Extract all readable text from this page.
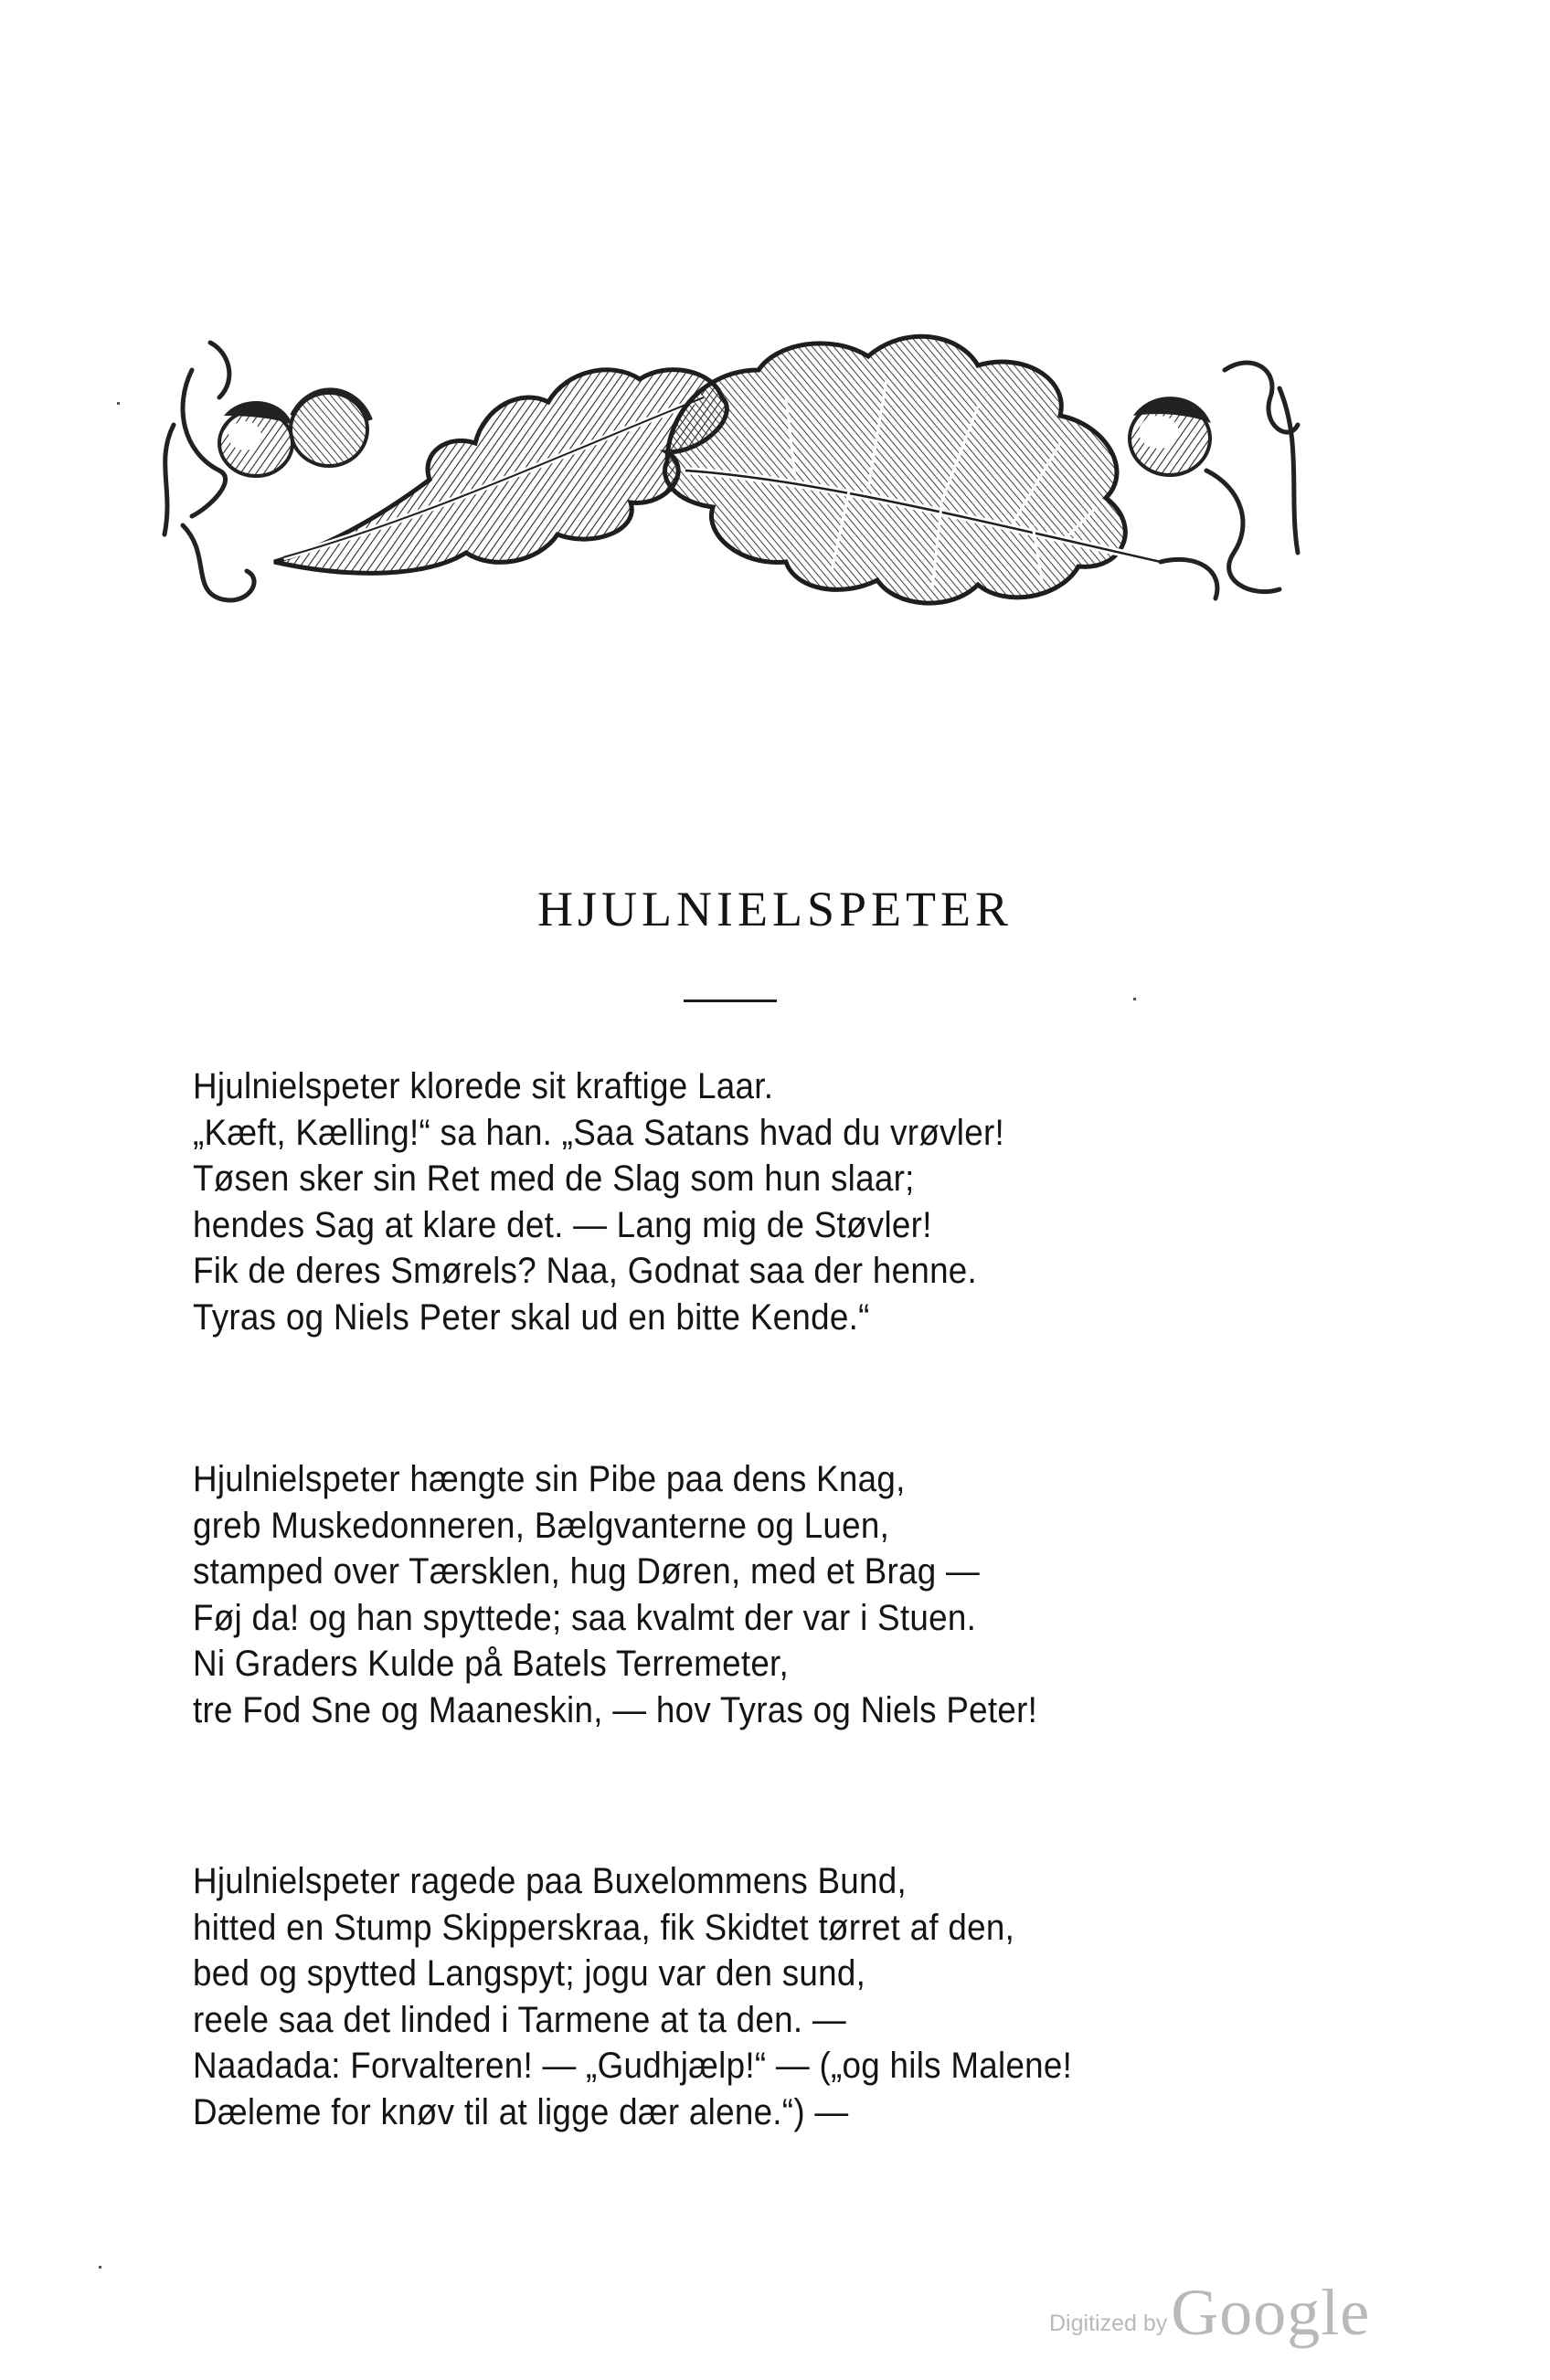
HJULNIELSPETER
Hjulnielspeter klorede sit kraftige Laar.
„Kæft, Kælling!“ sa han. „Saa Satans hvad du vrøvler!
Tøsen sker sin Ret med de Slag som hun slaar;
hendes Sag at klare det. — Lang mig de Støvler!
Fik de deres Smørels? Naa, Godnat saa der henne.
Tyras og Niels Peter skal ud en bitte Kende.“
Hjulnielspeter hængte sin Pibe paa dens Knag,
greb Muskedonneren, Bælgvanterne og Luen,
stamped over Tærsklen, hug Døren, med et Brag —
Føj da! og han spyttede; saa kvalmt der var i Stuen.
Ni Graders Kulde på Batels Terremeter,
tre Fod Sne og Maaneskin, — hov Tyras og Niels Peter!
Hjulnielspeter ragede paa Buxelommens Bund,
hitted en Stump Skipperskraa, fik Skidtet tørret af den,
bed og spytted Langspyt; jogu var den sund,
reele saa det linded i Tarmene at ta den. —
Naadada: Forvalteren! — „Gudhjælp!“ — („og hils Malene!
Dæleme for knøv til at ligge dær alene.“) —
Digitized byGoogle
